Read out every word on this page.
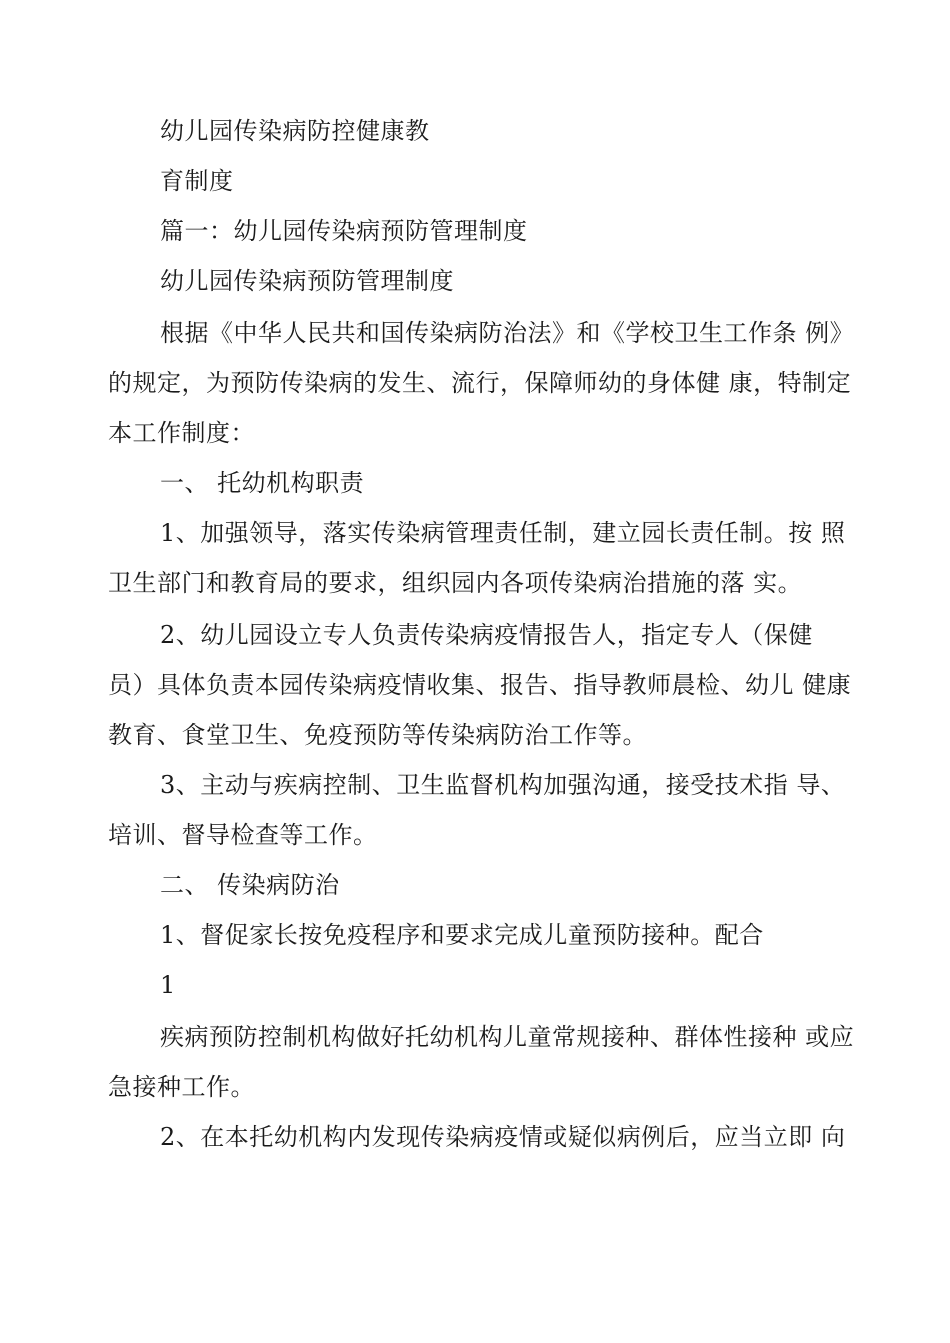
幼儿园传染病防控健康教
育制度
篇一：幼儿园传染病预防管理制度
幼儿园传染病预防管理制度
根据《中华人民共和国传染病防治法》和《学校卫生工作条 例》
的规定，为预防传染病的发生、流行，保障师幼的身体健 康，特制定
本工作制度：
一、 托幼机构职责
1、加强领导，落实传染病管理责任制，建立园长责任制。按 照
卫生部门和教育局的要求，组织园内各项传染病治措施的落 实。
2、幼儿园设立专人负责传染病疫情报告人，指定专人（保健
员）具体负责本园传染病疫情收集、报告、指导教师晨检、幼儿 健康
教育、食堂卫生、免疫预防等传染病防治工作等。
3、主动与疾病控制、卫生监督机构加强沟通，接受技术指 导、
培训、督导检查等工作。
二、 传染病防治
1、督促家长按免疫程序和要求完成儿童预防接种。配合
1
疾病预防控制机构做好托幼机构儿童常规接种、群体性接种 或应
急接种工作。
2、在本托幼机构内发现传染病疫情或疑似病例后，应当立即 向
